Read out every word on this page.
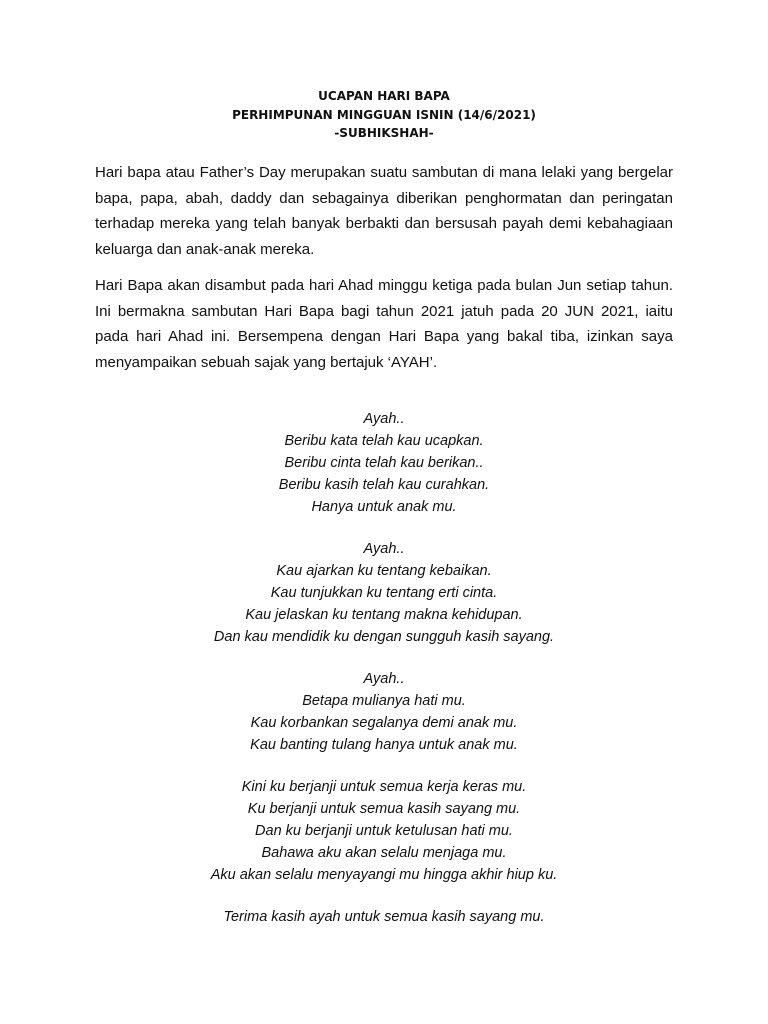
UCAPAN HARI BAPA
PERHIMPUNAN MINGGUAN ISNIN (14/6/2021)
-SUBHIKSHAH-

Hari bapa atau Father’s Day merupakan suatu sambutan di mana lelaki yang bergelar bapa, papa, abah, daddy dan sebagainya diberikan penghormatan dan peringatan terhadap mereka yang telah banyak berbakti dan bersusah payah demi kebahagiaan keluarga dan anak-anak mereka.

Hari Bapa akan disambut pada hari Ahad minggu ketiga pada bulan Jun setiap tahun. Ini bermakna sambutan Hari Bapa bagi tahun 2021 jatuh pada 20 JUN 2021, iaitu pada hari Ahad ini. Bersempena dengan Hari Bapa yang bakal tiba, izinkan saya menyampaikan sebuah sajak yang bertajuk ‘AYAH’.

Ayah..
Beribu kata telah kau ucapkan.
Beribu cinta telah kau berikan..
Beribu kasih telah kau curahkan.
Hanya untuk anak mu.
Ayah..
Kau ajarkan ku tentang kebaikan.
Kau tunjukkan ku tentang erti cinta.
Kau jelaskan ku tentang makna kehidupan.
Dan kau mendidik ku dengan sungguh kasih sayang.
Ayah..
Betapa mulianya hati mu.
Kau korbankan segalanya demi anak mu.
Kau banting tulang hanya untuk anak mu.
Kini ku berjanji untuk semua kerja keras mu.
Ku berjanji untuk semua kasih sayang mu.
Dan ku berjanji untuk ketulusan hati mu.
Bahawa aku akan selalu menjaga mu.
Aku akan selalu menyayangi mu hingga akhir hiup ku.
Terima kasih ayah untuk semua kasih sayang mu.
